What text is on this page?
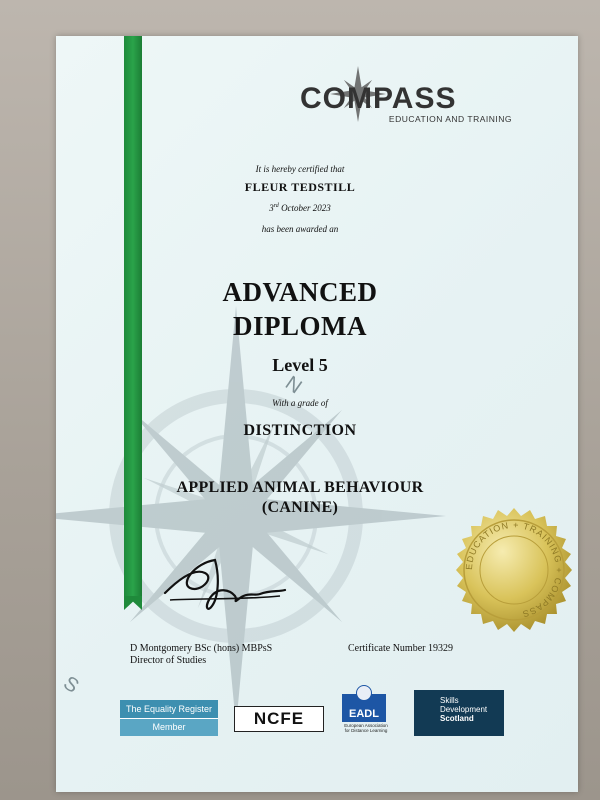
N
S
COMPASS
EDUCATION AND TRAINING
It is hereby certified that
FLEUR TEDSTILL
3rd October 2023
has been awarded an
ADVANCED
DIPLOMA
Level 5
With a grade of
DISTINCTION
APPLIED ANIMAL BEHAVIOUR
(CANINE)
EDUCATION + TRAINING + COMPASS
D Montgomery BSc (hons) MBPsS
Director of Studies
Certificate Number 19329
The Equality Register
Member	NCFE	EADL
European Association for Distance Learning
Skills
Development
Scotland
